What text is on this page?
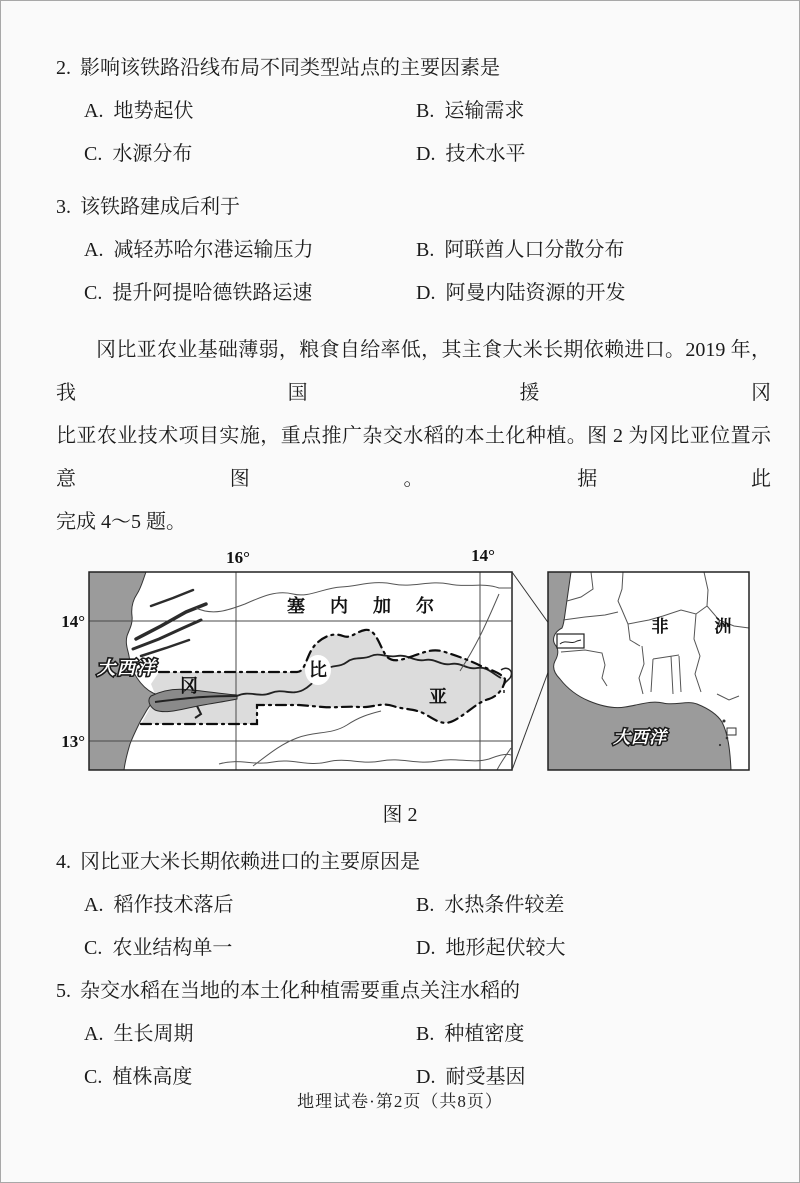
2. 影响该铁路沿线布局不同类型站点的主要因素是
A. 地势起伏	B. 运输需求
C. 水源分布	D. 技术水平
3. 该铁路建成后利于
A. 减轻苏哈尔港运输压力	B. 阿联酋人口分散分布
C. 提升阿提哈德铁路运速	D. 阿曼内陆资源的开发
冈比亚农业基础薄弱，粮食自给率低，其主食大米长期依赖进口。2019 年，我国援冈
比亚农业技术项目实施，重点推广杂交水稻的本土化种植。图 2 为冈比亚位置示意图。据此
完成 4～5 题。
大西洋
塞 内 加 尔
冈
比
亚
16°	14°
14°
13°
非	洲
大西洋
图 2
4. 冈比亚大米长期依赖进口的主要原因是
A. 稻作技术落后	B. 水热条件较差
C. 农业结构单一	D. 地形起伏较大
5. 杂交水稻在当地的本土化种植需要重点关注水稻的
A. 生长周期	B. 种植密度
C. 植株高度	D. 耐受基因
地理试卷·第2页（共8页）
